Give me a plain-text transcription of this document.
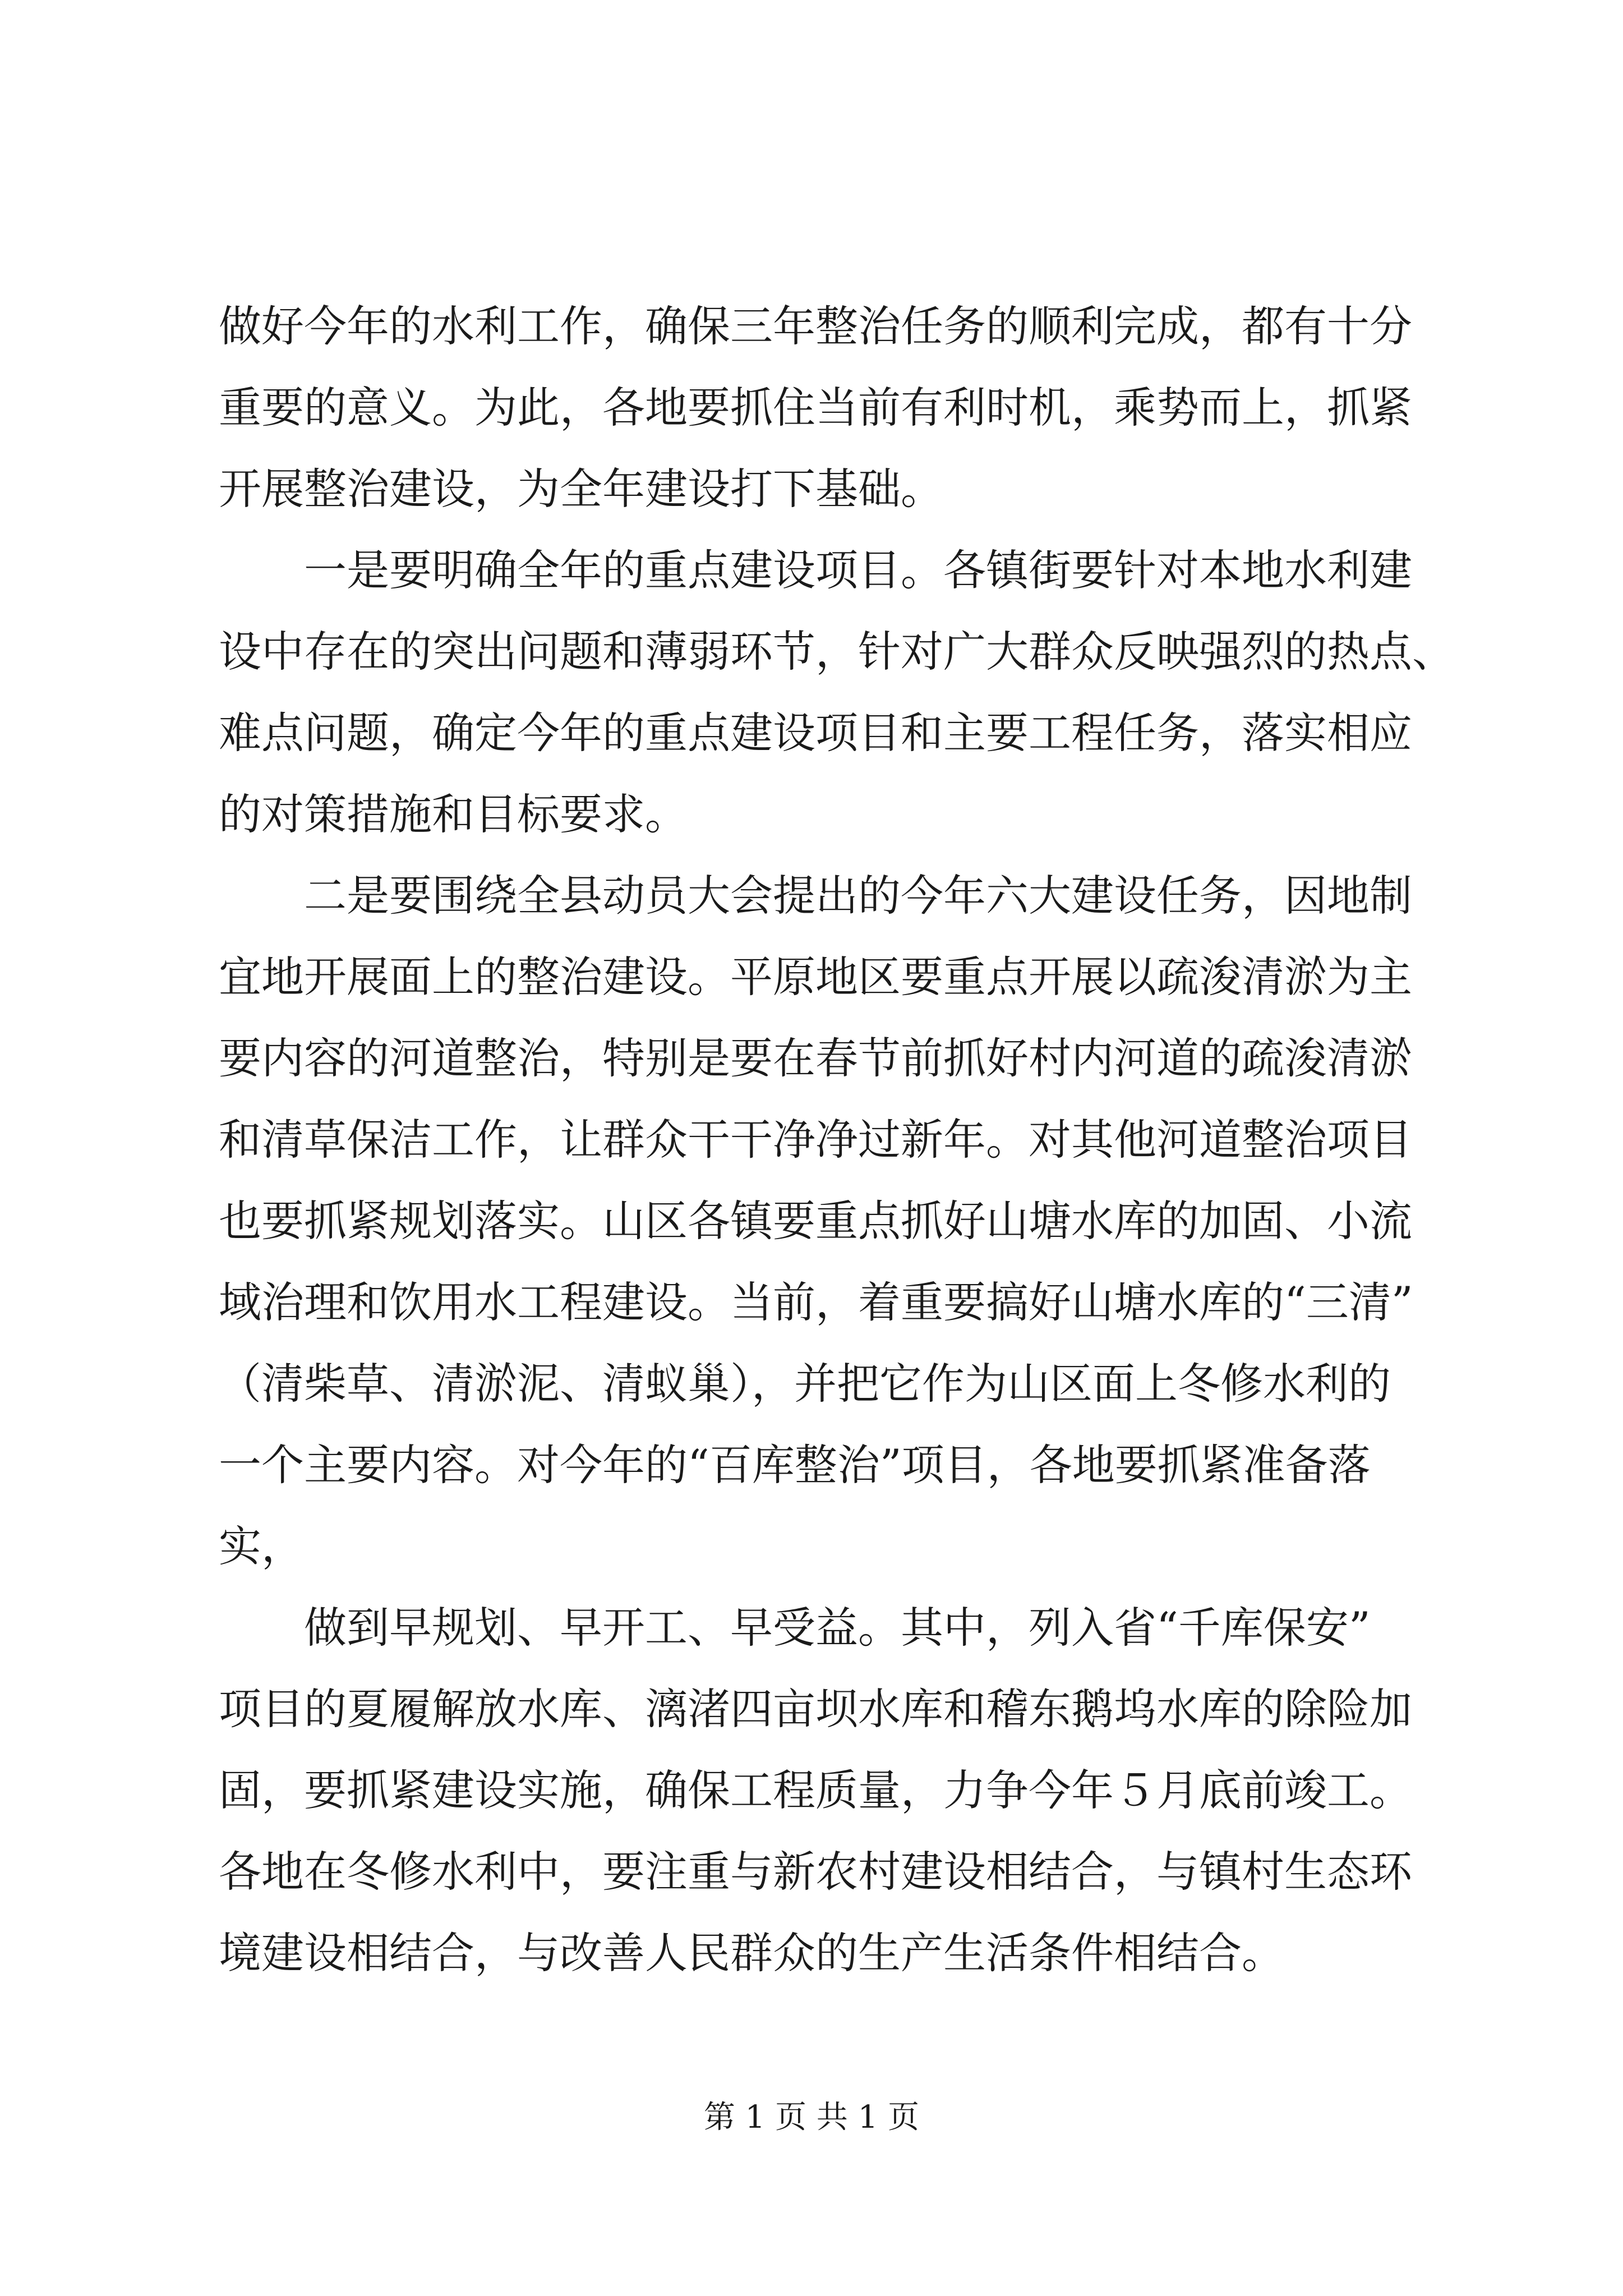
做好今年的水利工作，确保三年整治任务的顺利完成，都有十分

重要的意义。为此，各地要抓住当前有利时机，乘势而上，抓紧

开展整治建设，为全年建设打下基础。

　　一是要明确全年的重点建设项目。各镇街要针对本地水利建

设中存在的突出问题和薄弱环节，针对广大群众反映强烈的热点、

难点问题，确定今年的重点建设项目和主要工程任务，落实相应

的对策措施和目标要求。

　　二是要围绕全县动员大会提出的今年六大建设任务，因地制

宜地开展面上的整治建设。平原地区要重点开展以疏浚清淤为主

要内容的河道整治，特别是要在春节前抓好村内河道的疏浚清淤

和清草保洁工作，让群众干干净净过新年。对其他河道整治项目

也要抓紧规划落实。山区各镇要重点抓好山塘水库的加固、小流

域治理和饮用水工程建设。当前，着重要搞好山塘水库的“三清”

（清柴草、清淤泥、清蚁巢），并把它作为山区面上冬修水利的

一个主要内容。对今年的“百库整治”项目，各地要抓紧准备落

实，

　　做到早规划、早开工、早受益。其中，列入省“千库保安”

项目的夏履解放水库、漓渚四亩坝水库和稽东鹅坞水库的除险加

固，要抓紧建设实施，确保工程质量，力争今年５月底前竣工。

各地在冬修水利中，要注重与新农村建设相结合，与镇村生态环

境建设相结合，与改善人民群众的生产生活条件相结合。

第 1 页 共 1 页
